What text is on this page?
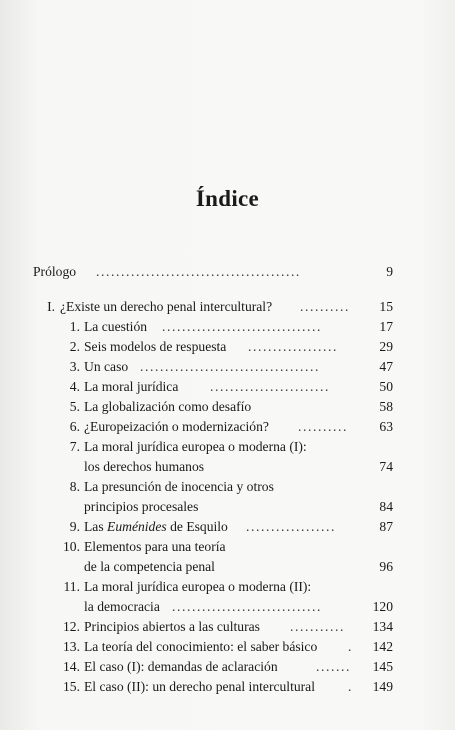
Índice
Prólogo .........................................	9
I. ¿Existe un derecho penal intercultural? ..........	15
1. La cuestión ................................	17
2. Seis modelos de respuesta ..................	29
3. Un caso ....................................	47
4. La moral jurídica ........................	50
5. La globalización como desafío	58
6. ¿Europeización o modernización? ..........	63
7. La moral jurídica europea o moderna (I):
los derechos humanos	74
8. La presunción de inocencia y otros
principios procesales	84
9. Las Euménides de Esquilo ..................	87
10. Elementos para una teoría
de la competencia penal	96
11. La moral jurídica europea o moderna (II):
la democracia ..............................	120
12. Principios abiertos a las culturas ...........	134
13. La teoría del conocimiento: el saber básico .	142
14. El caso (I): demandas de aclaración	.......	145
15. El caso (II): un derecho penal intercultural .	149
